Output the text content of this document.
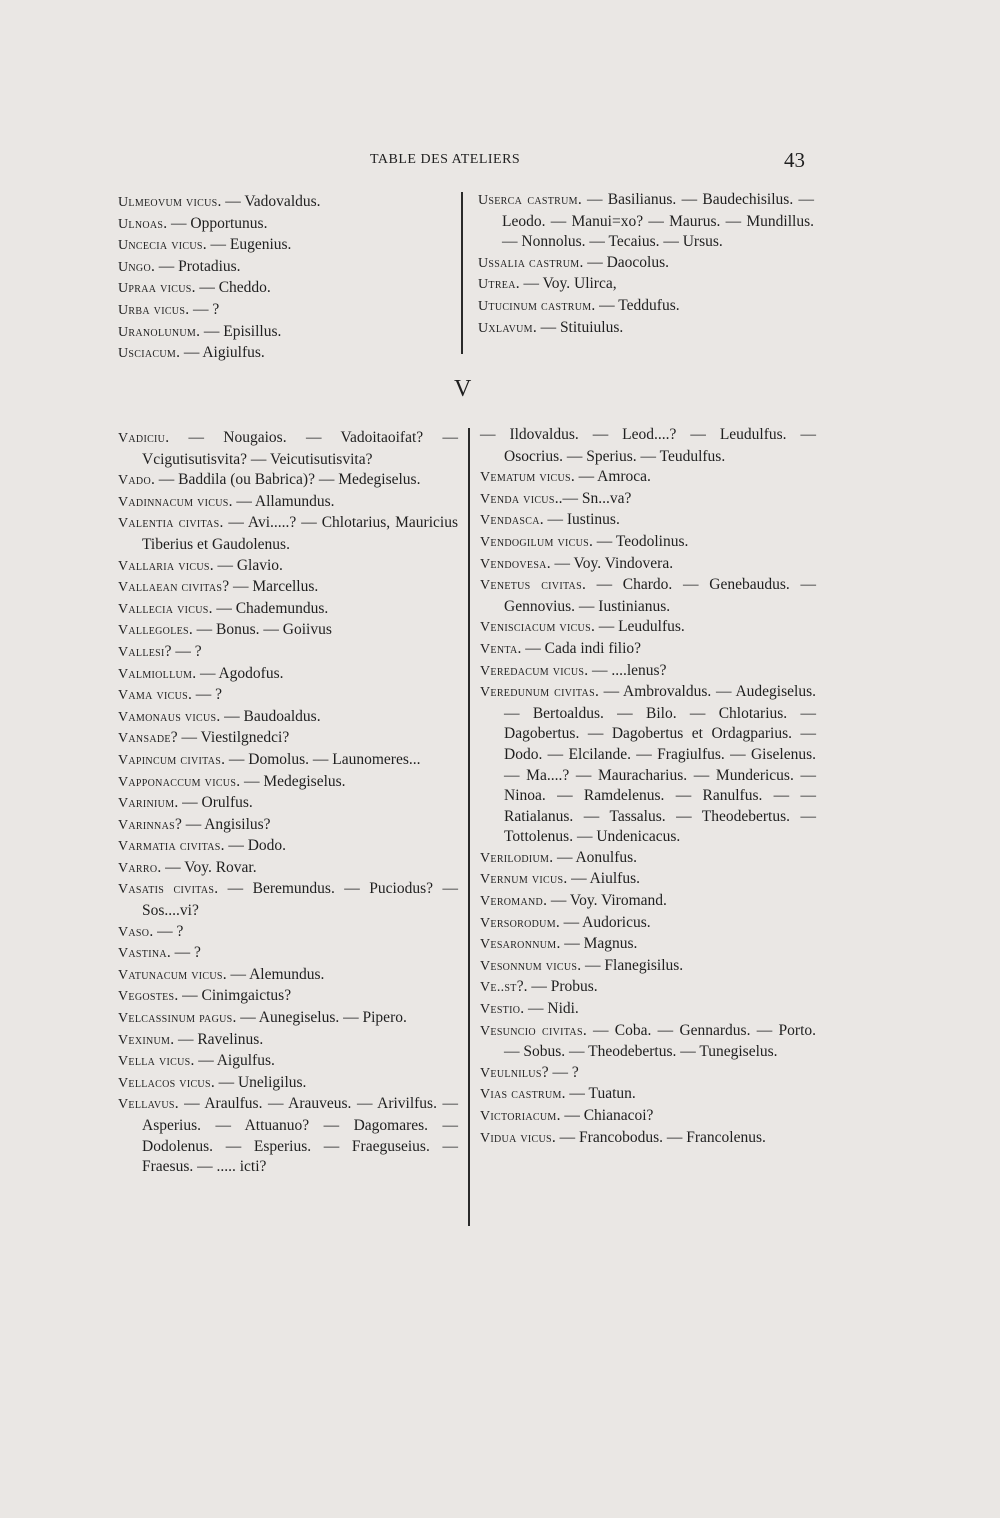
TABLE DES ATELIERS	43
Ulmeovum vicus. — Vadovaldus.
Ulnoas. — Opportunus.
Uncecia vicus. — Eugenius.
Ungo. — Protadius.
Upraa vicus. — Cheddo.
Urba vicus. — ?
Uranolunum. — Episillus.
Usciacum. — Aigiulfus.
Userca castrum. — Basilianus. — Baudechisilus. — Leodo. — Manui=xo? — Maurus. — Mundillus. — Nonnolus. — Tecaius. — Ursus.
Ussalia castrum. — Daocolus.
Utrea. — Voy. Ulirca,
Utucinum castrum. — Teddufus.
Uxlavum. — Stituiulus.
V
Vadiciu. — Nougaios. — Vadoitaoifat? — Vcigutisutisvita? — Veicutisutisvita?
Vado. — Baddila (ou Babrica)? — Medegiselus.
Vadinnacum vicus. — Allamundus.
Valentia civitas. — Avi.....? — Chlotarius, Mauricius Tiberius et Gaudolenus.
Vallaria vicus. — Glavio.
Vallaean civitas? — Marcellus.
Vallecia vicus. — Chademundus.
Vallegoles. — Bonus. — Goiivus
Vallesi? — ?
Valmiollum. — Agodofus.
Vama vicus. — ?
Vamonaus vicus. — Baudoaldus.
Vansade? — Viestilgnedci?
Vapincum civitas. — Domolus. — Launomeres...
Vapponaccum vicus. — Medegiselus.
Varinium. — Orulfus.
Varinnas? — Angisilus?
Varmatia civitas. — Dodo.
Varro. — Voy. Rovar.
Vasatis civitas. — Beremundus. — Puciodus? — Sos....vi?
Vaso. — ?
Vastina. — ?
Vatunacum vicus. — Alemundus.
Vegostes. — Cinimgaictus?
Velcassinum pagus. — Aunegiselus. — Pipero.
Vexinum. — Ravelinus.
Vella vicus. — Aigulfus.
Vellacos vicus. — Uneligilus.
Vellavus. — Araulfus. — Arauveus. — Arivilfus. — Asperius. — Attuanuo? — Dagomares. — Dodolenus. — Esperius. — Fraeguseius. — Fraesus. — ..... icti?
— Ildovaldus. — Leod....? — Leudulfus. — Osocrius. — Sperius. — Teudulfus.
Vematum vicus. — Amroca.
Venda vicus..— Sn...va?
Vendasca. — Iustinus.
Vendogilum vicus. — Teodolinus.
Vendovesa. — Voy. Vindovera.
Venetus civitas. — Chardo. — Genebaudus. — Gennovius. — Iustinianus.
Venisciacum vicus. — Leudulfus.
Venta. — Cada indi filio?
Veredacum vicus. — ....lenus?
Veredunum civitas. — Ambrovaldus. — Audegiselus. — Bertoaldus. — Bilo. — Chlotarius. — Dagobertus. — Dagobertus et Ordagparius. — Dodo. — Elcilande. — Fragiulfus. — Giselenus. — Ma....? — Mauracharius. — Mundericus. — Ninoa. — Ramdelenus. — Ranulfus. — — Ratialanus. — Tassalus. — Theodebertus. — Tottolenus. — Undenicacus.
Verilodium. — Aonulfus.
Vernum vicus. — Aiulfus.
Veromand. — Voy. Viromand.
Versorodum. — Audoricus.
Vesaronnum. — Magnus.
Vesonnum vicus. — Flanegisilus.
Ve..st?. — Probus.
Vestio. — Nidi.
Vesuncio civitas. — Coba. — Gennardus. — Porto. — Sobus. — Theodebertus. — Tunegiselus.
Veulnilus? — ?
Vias castrum. — Tuatun.
Victoriacum. — Chianacoi?
Vidua vicus. — Francobodus. — Francolenus.
